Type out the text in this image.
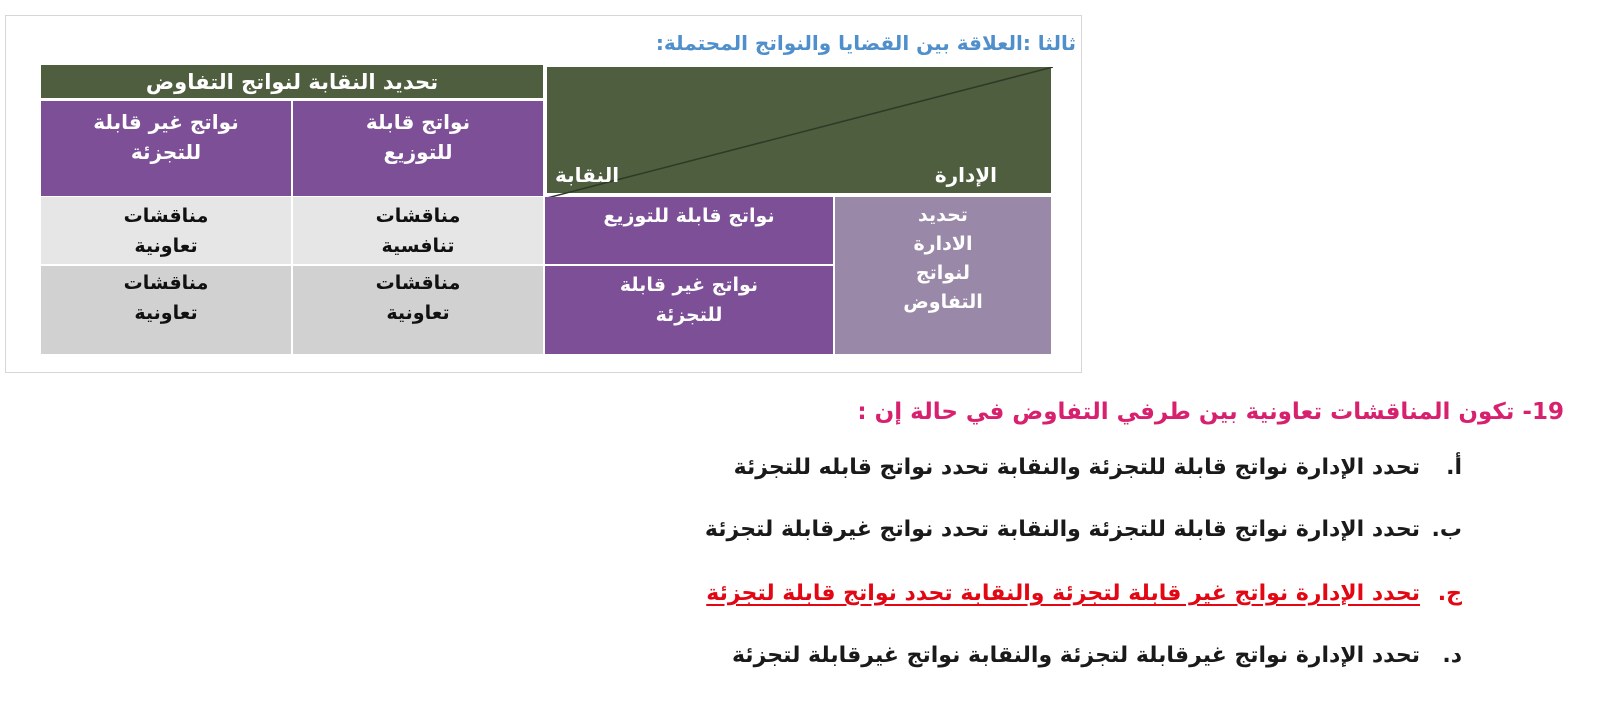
ثالثا :العلاقة بين القضايا والنواتج المحتملة:
تحديد النقابة لنواتج التفاوض
نواتج غير قابلة للتجزئة
نواتج قابلة للتوزيع
النقابة	الإدارة
مناقشات تعاونية
مناقشات تنافسية
نواتج قابلة للتوزيع
مناقشات تعاونية
مناقشات تعاونية
نواتج غير قابلة للتجزئة
تحديد الادارة لنواتج التفاوض
19- تكون المناقشات تعاونية بين طرفي التفاوض في حالة إن :
أ.
تحدد الإدارة نواتج قابلة للتجزئة والنقابة تحدد نواتج قابله للتجزئة
ب.
تحدد الإدارة نواتج قابلة للتجزئة والنقابة تحدد نواتج غيرقابلة لتجزئة
ج.
تحدد الإدارة نواتج غير قابلة لتجزئة والنقابة تحدد نواتج قابلة لتجزئة
د.
تحدد الإدارة نواتج غيرقابلة لتجزئة والنقابة نواتج غيرقابلة لتجزئة
